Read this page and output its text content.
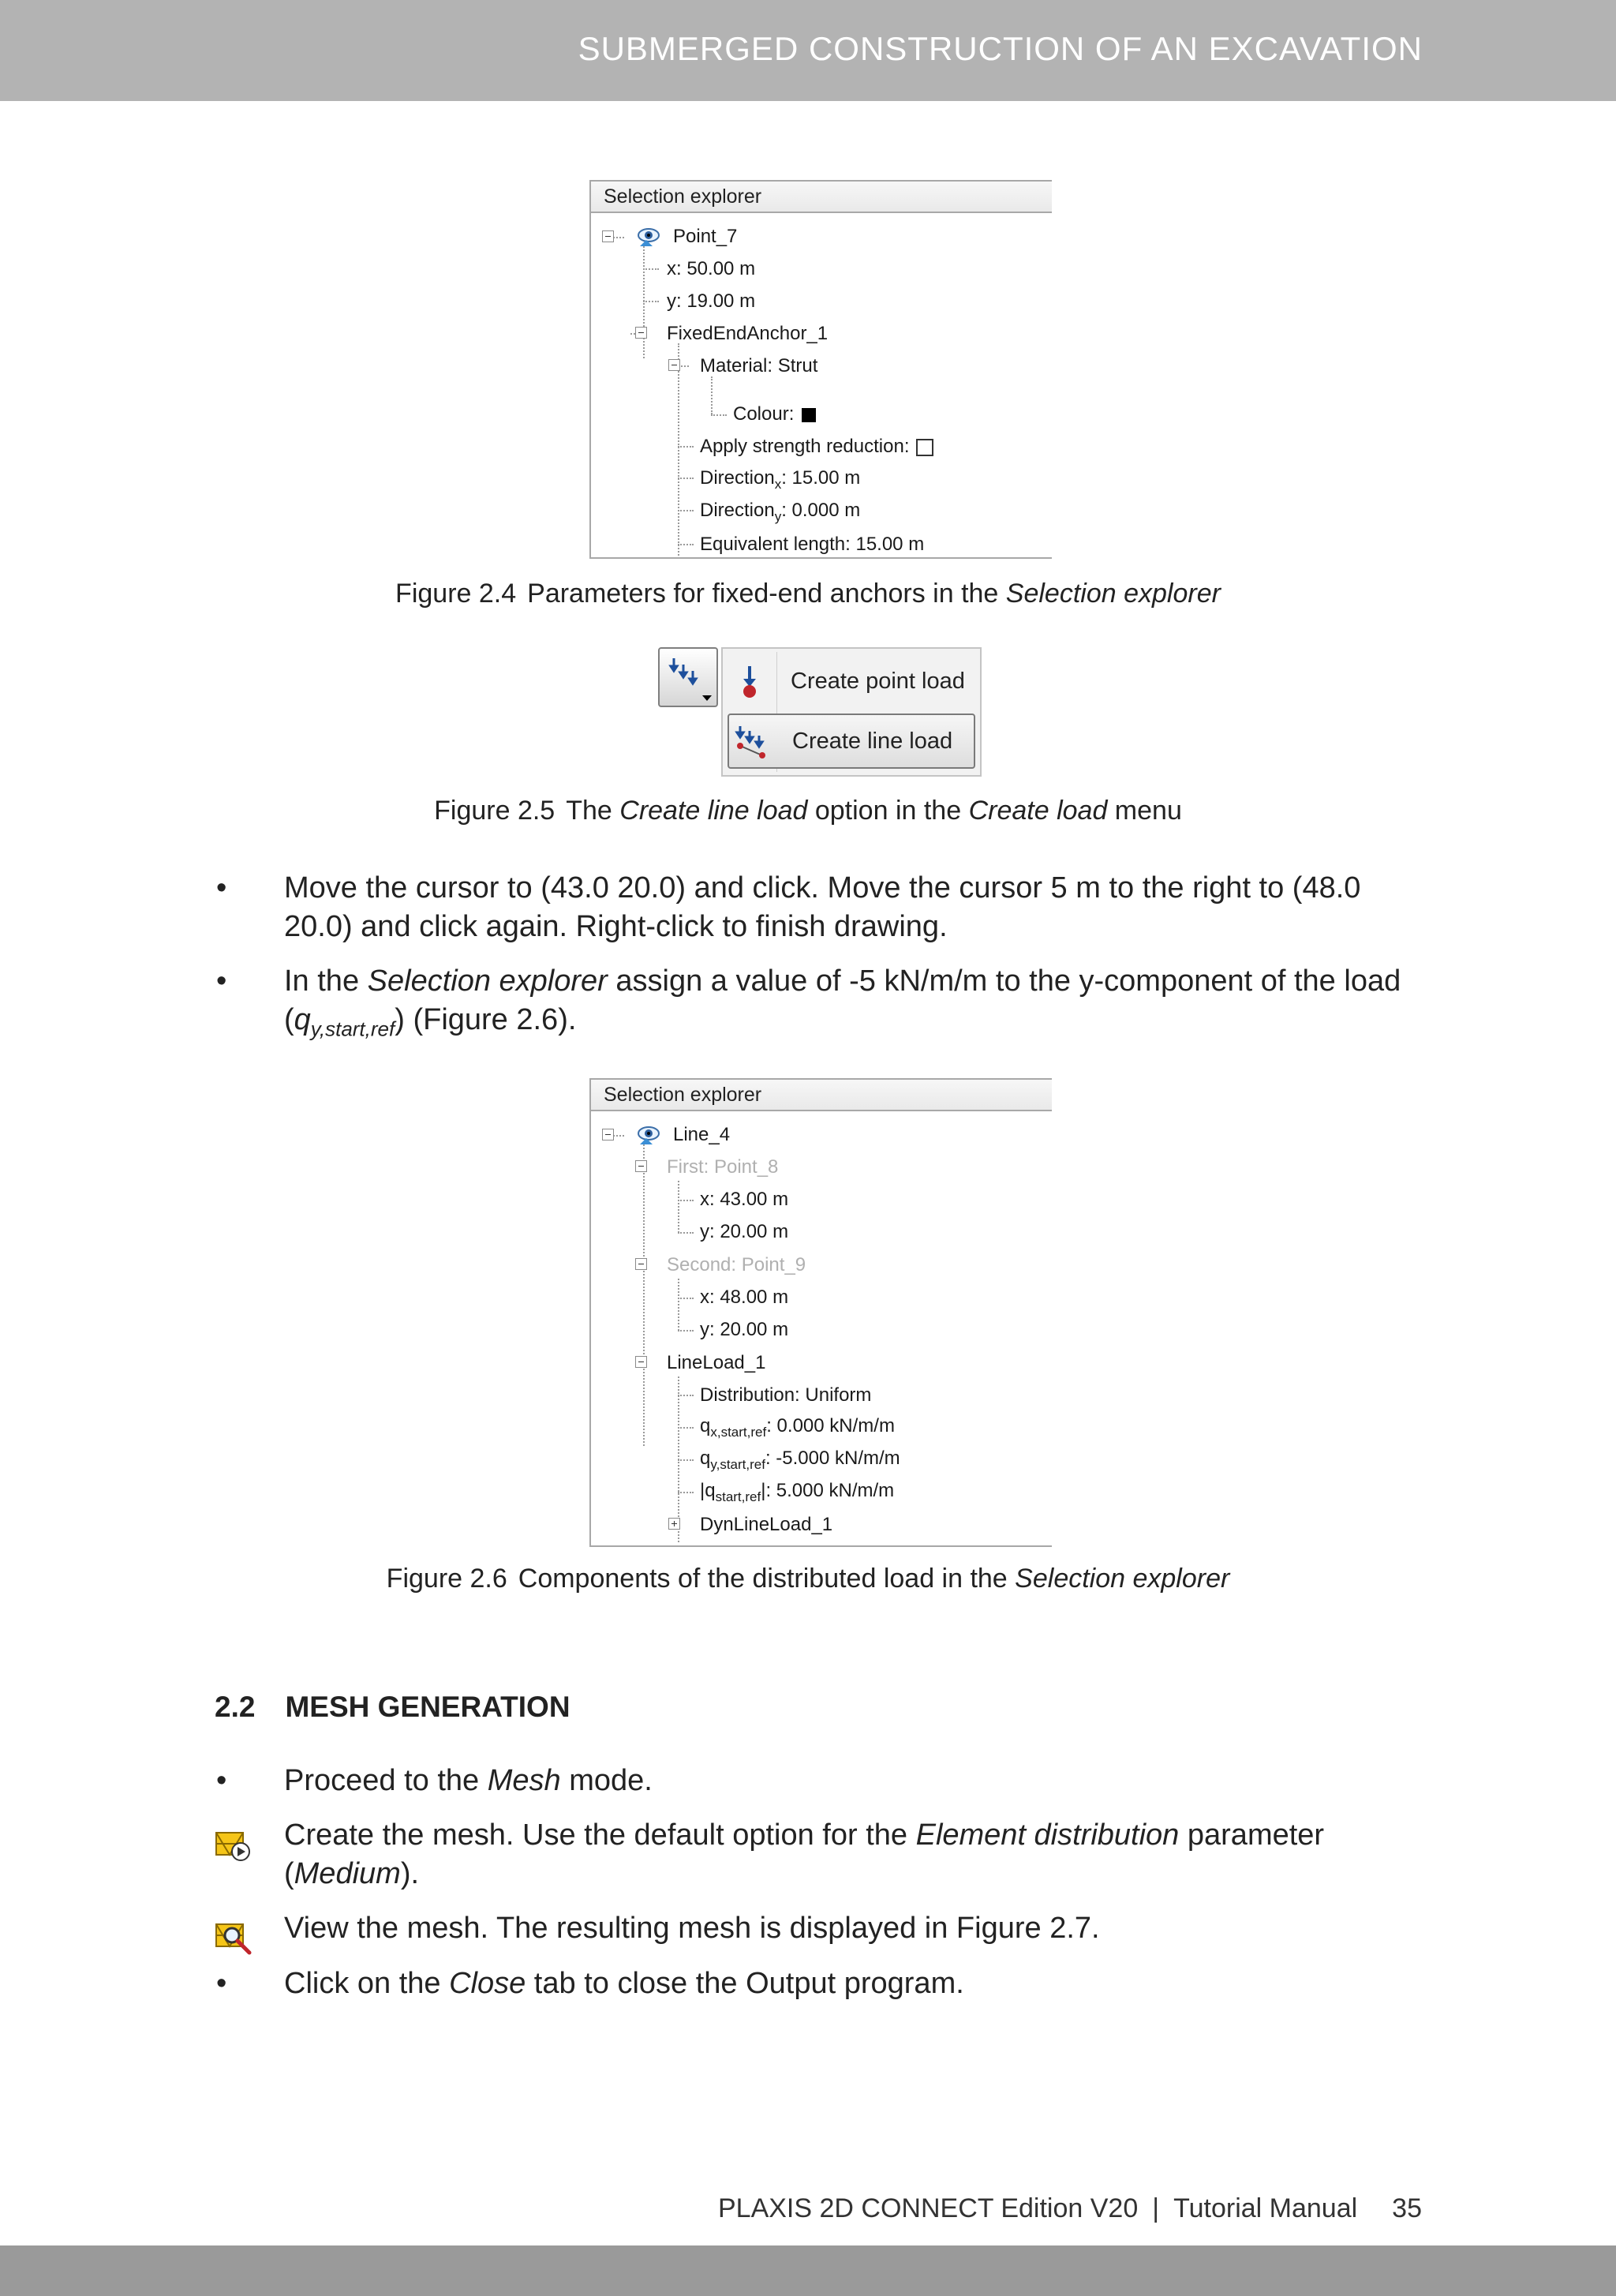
SUBMERGED CONSTRUCTION OF AN EXCAVATION
Selection explorer
Point_7
x: 50.00 m
y: 19.00 m
FixedEndAnchor_1
Material: Strut
Colour:
Apply strength reduction:
Direction$_x$: 15.00 m
Direction$_y$: 0.000 m
Equivalent length: 15.00 m
Figure 2.4 Parameters for fixed-end anchors in the Selection explorer
Create point load
Create line load
Figure 2.5 The Create line load option in the Create load menu
• Move the cursor to (43.0 20.0) and click. Move the cursor 5 m to the right to (48.0 20.0) and click again. Right-click to finish drawing.
• In the Selection explorer assign a value of -5 kN/m/m to the y-component of the load
$(q_{y,start,ref})$ (Figure 2.6).
Selection explorer
Line_4
First: Point_8
x: 43.00 m
y: 20.00 m
Second: Point_9
x: 48.00 m
y: 20.00 m
LineLoad_1
Distribution: Uniform
$q_{x,start,ref}$: 0.000 kN/m/m
$q_{y,start,ref}$: -5.000 kN/m/m
$|q_{start,ref}|$: 5.000 kN/m/m
DynLineLoad_1
Figure 2.6 Components of the distributed load in the Selection explorer
2.2 MESH GENERATION
• Proceed to the Mesh mode.
Create the mesh. Use the default option for the Element distribution parameter
(Medium).
View the mesh. The resulting mesh is displayed in Figure 2.7.
• Click on the Close tab to close the Output program.
PLAXIS 2D CONNECT Edition V20 | Tutorial Manual 35
